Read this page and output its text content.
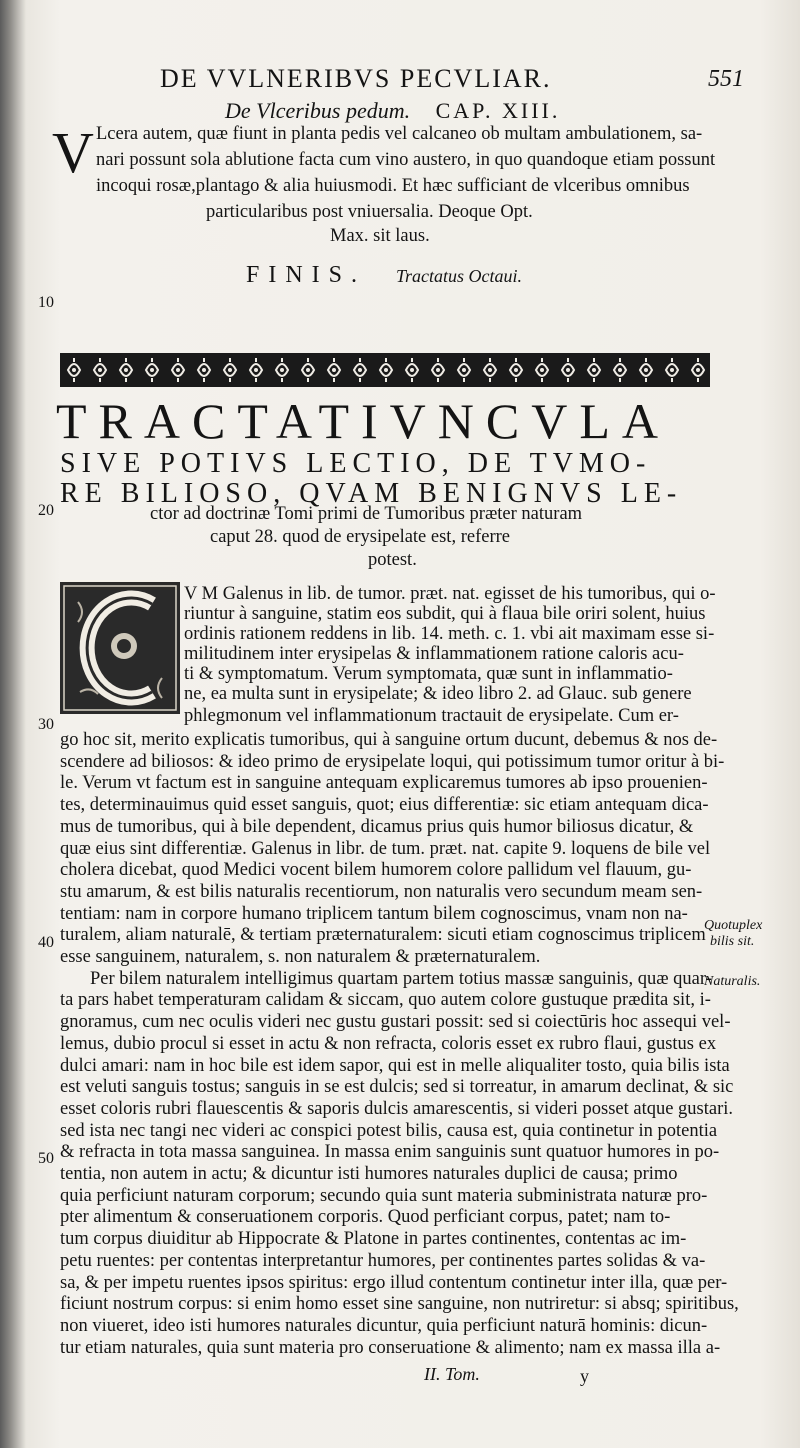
DE VVLNERIBVS PECVLIAR.	551
De Vlceribus pedum. CAP. XIII.
V Lcera autem, quæ fiunt in planta pedis vel calcaneo ob multam ambulationem, sa-
nari possunt sola ablutione facta cum vino austero, in quo quandoque etiam possunt
incoqui rosæ,plantago & alia huiusmodi. Et hæc sufficiant de vlceribus omnibus
particularibus post vniuersalia. Deoque Opt.
Max. sit laus.
FINIS. Tractatus Octaui.
10
20
30
40
50
TRACTATIVNCVLA
SIVE POTIVS LECTIO, DE TVMO-
RE BILIOSO, QVAM BENIGNVS LE-
ctor ad doctrinæ Tomi primi de Tumoribus præter naturam
caput 28. quod de erysipelate est, referre
potest.
V M Galenus in lib. de tumor. præt. nat. egisset de his tumoribus, qui o-
riuntur à sanguine, statim eos subdit, qui à flaua bile oriri solent, huius
ordinis rationem reddens in lib. 14. meth. c. 1. vbi ait maximam esse si-
militudinem inter erysipelas & inflammationem ratione caloris acu-
ti & symptomatum. Verum symptomata, quæ sunt in inflammatio-
ne, ea multa sunt in erysipelate; & ideo libro 2. ad Glauc. sub genere
phlegmonum vel inflammationum tractauit de erysipelate. Cum er-
go hoc sit, merito explicatis tumoribus, qui à sanguine ortum ducunt, debemus & nos de-
scendere ad biliosos: & ideo primo de erysipelate loqui, qui potissimum tumor oritur à bi-
le. Verum vt factum est in sanguine antequam explicaremus tumores ab ipso prouenien-
tes, determinauimus quid esset sanguis, quot; eius differentiæ: sic etiam antequam dica-
mus de tumoribus, qui à bile dependent, dicamus prius quis humor biliosus dicatur, &
quæ eius sint differentiæ. Galenus in libr. de tum. præt. nat. capite 9. loquens de bile vel
cholera dicebat, quod Medici vocent bilem humorem colore pallidum vel flauum, gu-
stu amarum, & est bilis naturalis recentiorum, non naturalis vero secundum meam sen-
tentiam: nam in corpore humano triplicem tantum bilem cognoscimus, vnam non na-
turalem, aliam naturalē, & tertiam præternaturalem: sicuti etiam cognoscimus triplicem
esse sanguinem, naturalem, s. non naturalem & præternaturalem.
Per bilem naturalem intelligimus quartam partem totius massæ sanguinis, quæ quar-
ta pars habet temperaturam calidam & siccam, quo autem colore gustuque prædita sit, i-
gnoramus, cum nec oculis videri nec gustu gustari possit: sed si coiectūris hoc assequi vel-
lemus, dubio procul si esset in actu & non refracta, coloris esset ex rubro flaui, gustus ex
dulci amari: nam in hoc bile est idem sapor, qui est in melle aliqualiter tosto, quia bilis ista
est veluti sanguis tostus; sanguis in se est dulcis; sed si torreatur, in amarum declinat, & sic
esset coloris rubri flauescentis & saporis dulcis amarescentis, si videri posset atque gustari.
sed ista nec tangi nec videri ac conspici potest bilis, causa est, quia continetur in potentia
& refracta in tota massa sanguinea. In massa enim sanguinis sunt quatuor humores in po-
tentia, non autem in actu; & dicuntur isti humores naturales duplici de causa; primo
quia perficiunt naturam corporum; secundo quia sunt materia subministrata naturæ pro-
pter alimentum & conseruationem corporis. Quod perficiant corpus, patet; nam to-
tum corpus diuiditur ab Hippocrate & Platone in partes continentes, contentas ac im-
petu ruentes: per contentas interpretantur humores, per continentes partes solidas & va-
sa, & per impetu ruentes ipsos spiritus: ergo illud contentum continetur inter illa, quæ per-
ficiunt nostrum corpus: si enim homo esset sine sanguine, non nutriretur: si absq; spiritibus,
non viueret, ideo isti humores naturales dicuntur, quia perficiunt naturā hominis: dicun-
tur etiam naturales, quia sunt materia pro conseruatione & alimento; nam ex massa illa a-
Quotuplex
bilis sit.
Naturalis.
II. Tom.	y
